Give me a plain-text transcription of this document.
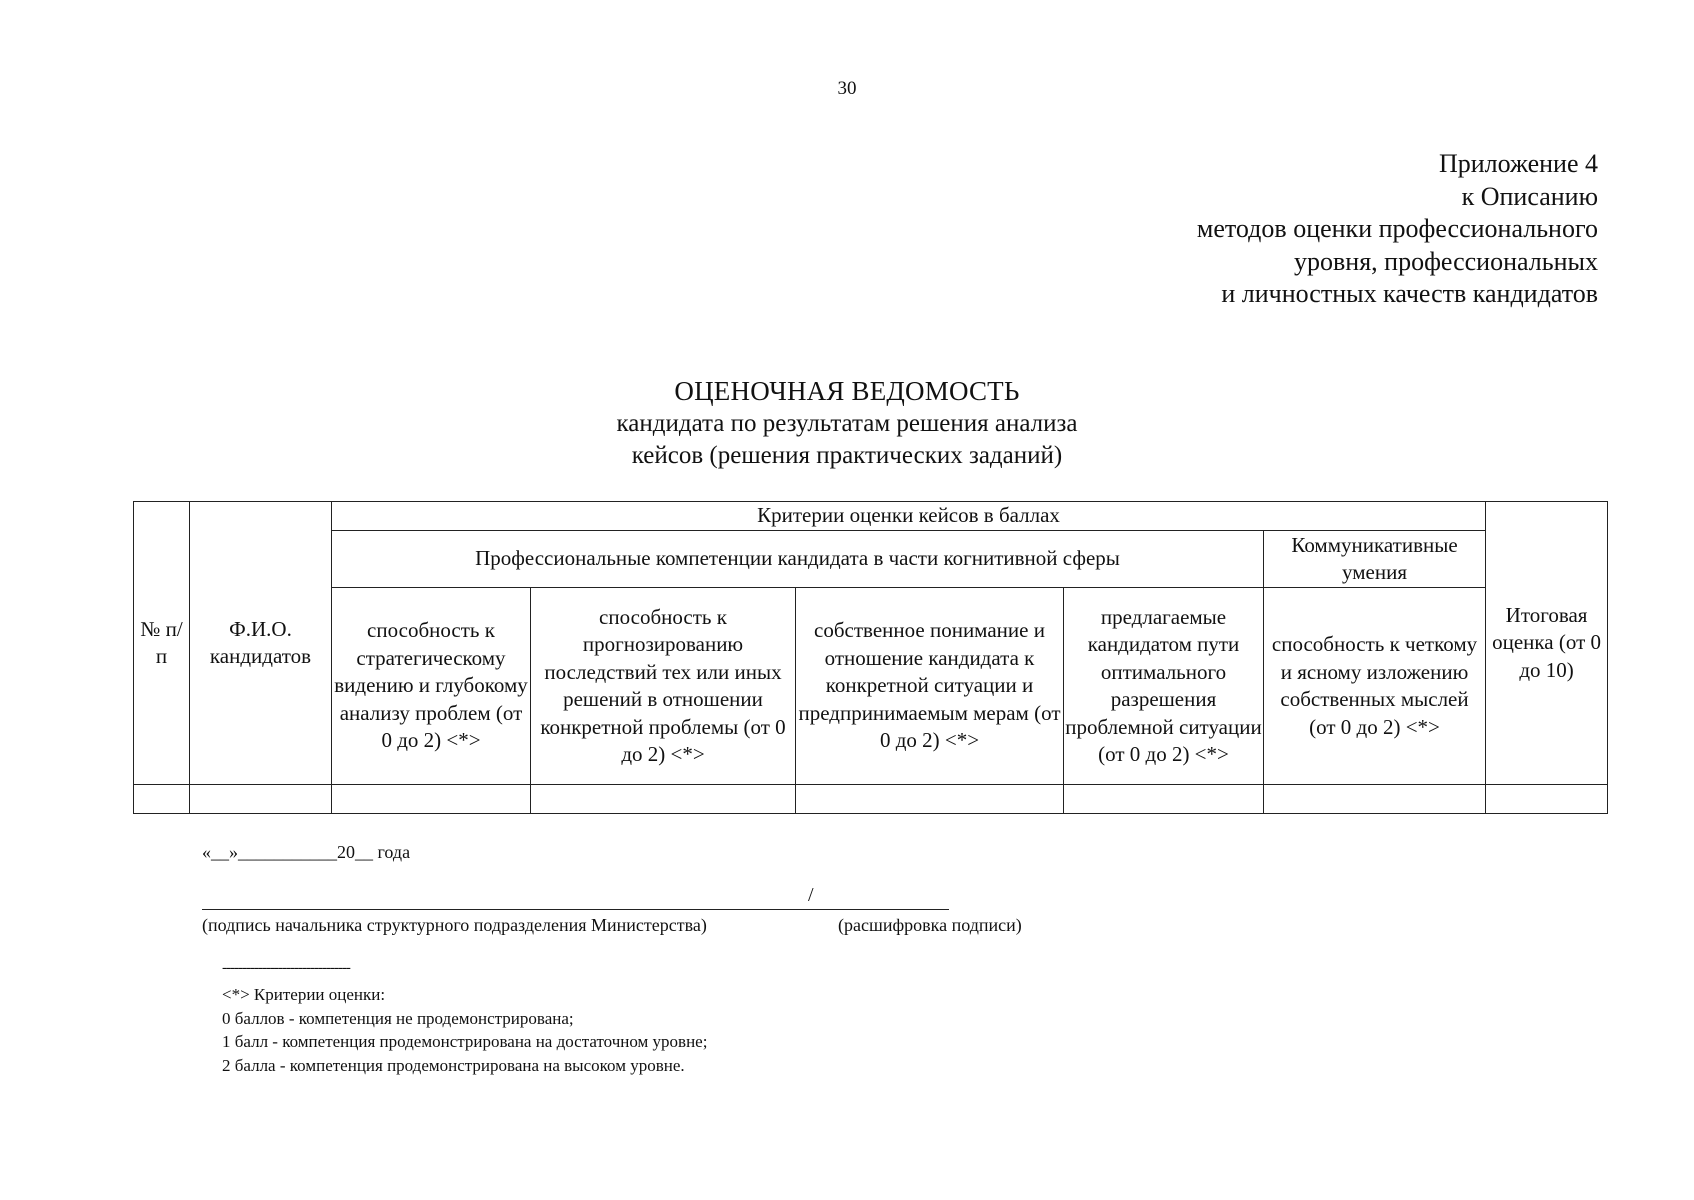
30
Приложение 4
к Описанию
методов оценки профессионального
уровня, профессиональных
и личностных качеств кандидатов
ОЦЕНОЧНАЯ ВЕДОМОСТЬ
кандидата по результатам решения анализа
кейсов (решения практических заданий)
№ п/п	Ф.И.О. кандидатов	Критерии оценки кейсов в баллах					Итоговая оценка (от 0 до 10)
		Профессиональные компетенции кандидата в части когнитивной сферы				Коммуникативные умения	
		способность к стратегическому видению и глубокому анализу проблем (от 0 до 2) <*>	способность к прогнозированию последствий тех или иных решений в отношении конкретной проблемы (от 0 до 2) <*>	собственное понимание и отношение кандидата к конкретной ситуации и предпринимаемым мерам (от 0 до 2) <*>	предлагаемые кандидатом пути оптимального разрешения проблемной ситуации (от 0 до 2) <*>	способность к четкому и ясному изложению собственных мыслей (от 0 до 2) <*>	

«__»___________20__ года
/
(подпись начальника структурного подразделения Министерства)	(расшифровка подписи)
--------------------------------
<*> Критерии оценки:
0 баллов - компетенция не продемонстрирована;
1 балл - компетенция продемонстрирована на достаточном уровне;
2 балла - компетенция продемонстрирована на высоком уровне.
